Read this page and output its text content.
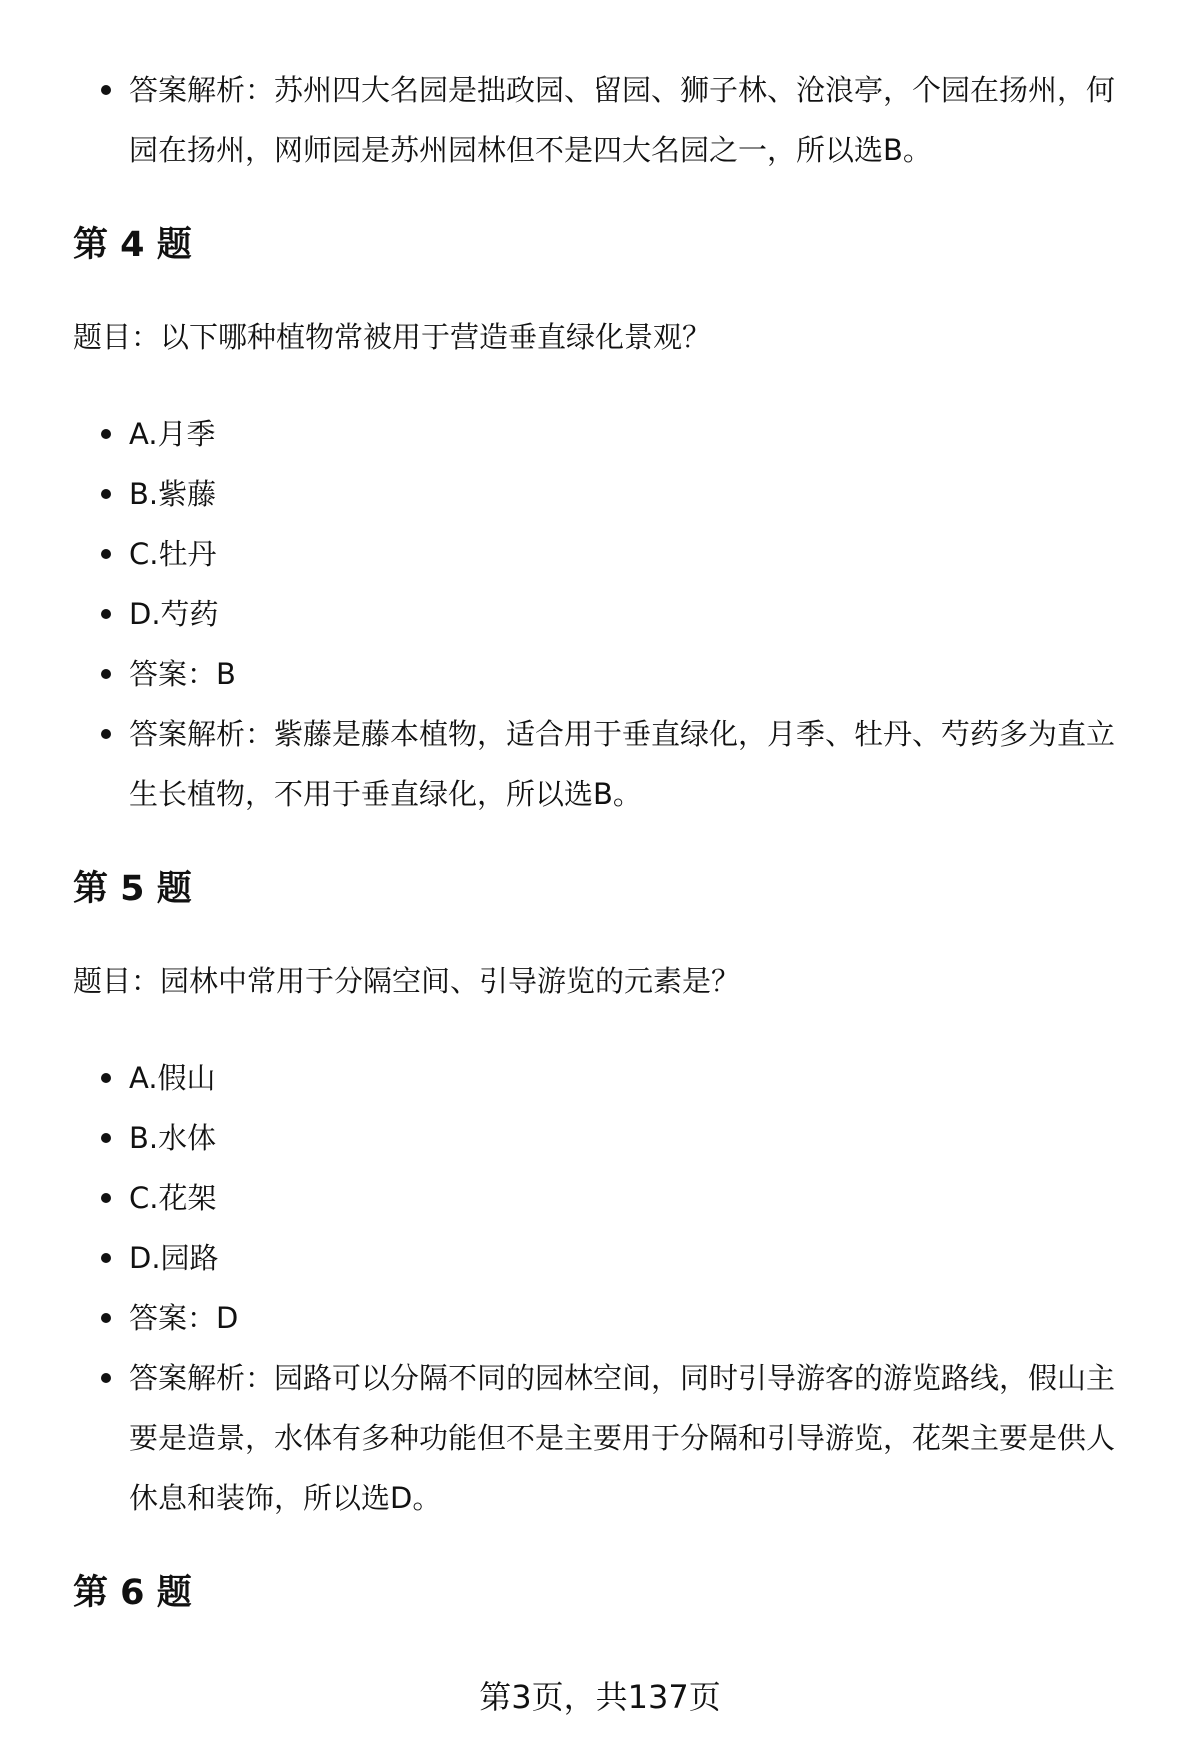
答案解析：苏州四大名园是拙政园、留园、狮子林、沧浪亭，个园在扬州，何园在扬州，网师园是苏州园林但不是四大名园之一，所以选B。
第 4 题

题目：以下哪种植物常被用于营造垂直绿化景观？

A.月季
B.紫藤
C.牡丹
D.芍药
答案：B
答案解析：紫藤是藤本植物，适合用于垂直绿化，月季、牡丹、芍药多为直立生长植物，不用于垂直绿化，所以选B。
第 5 题

题目：园林中常用于分隔空间、引导游览的元素是？

A.假山
B.水体
C.花架
D.园路
答案：D
答案解析：园路可以分隔不同的园林空间，同时引导游客的游览路线，假山主要是造景，水体有多种功能但不是主要用于分隔和引导游览，花架主要是供人休息和装饰，所以选D。
第 6 题
第3页，共137页
